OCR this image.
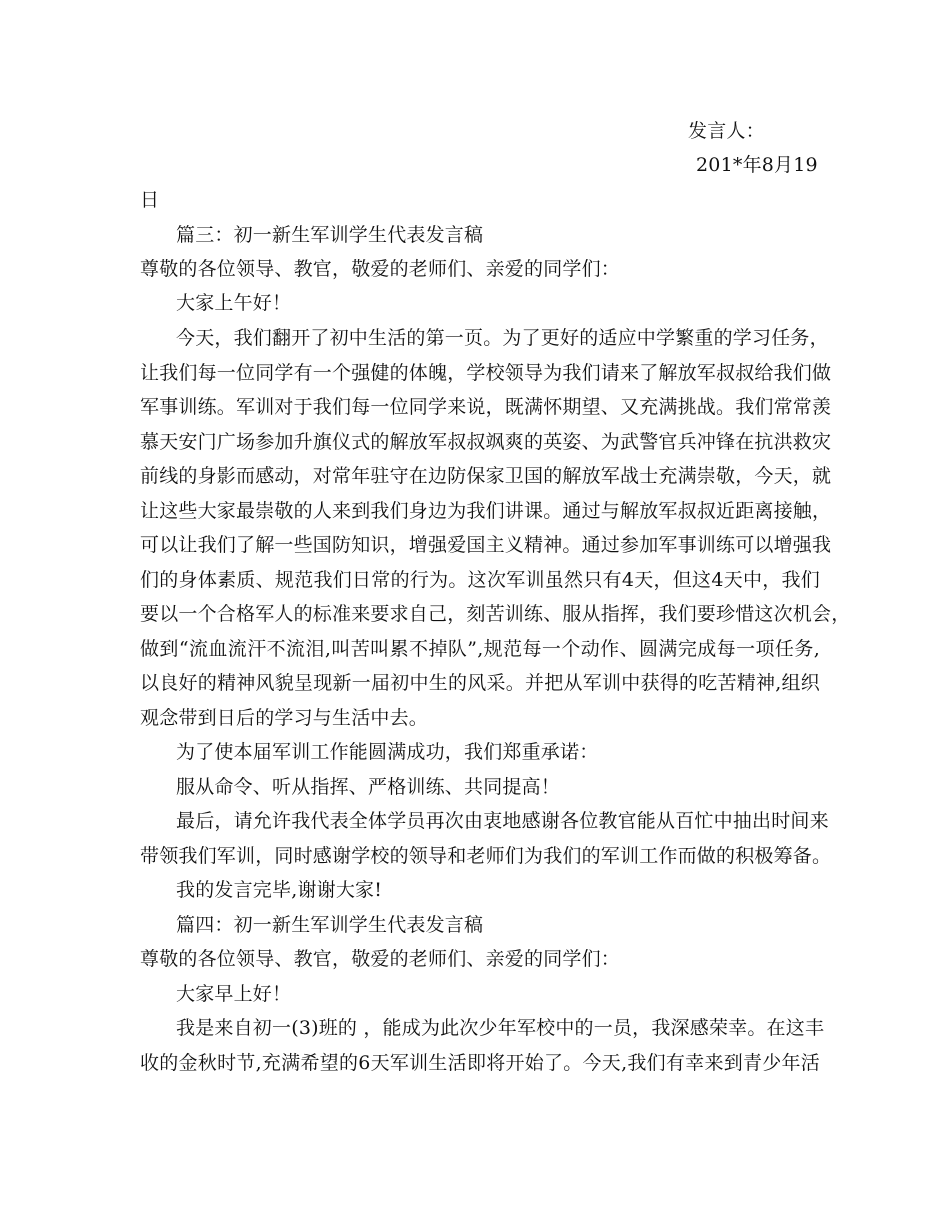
发言人：
201*年8月19
日
篇三：初一新生军训学生代表发言稿
尊敬的各位领导、教官，敬爱的老师们、亲爱的同学们：
大家上午好！
今天，我们翻开了初中生活的第一页。为了更好的适应中学繁重的学习任务，
让我们每一位同学有一个强健的体魄，学校领导为我们请来了解放军叔叔给我们做
军事训练。军训对于我们每一位同学来说，既满怀期望、又充满挑战。我们常常羡
慕天安门广场参加升旗仪式的解放军叔叔飒爽的英姿、为武警官兵冲锋在抗洪救灾
前线的身影而感动，对常年驻守在边防保家卫国的解放军战士充满崇敬，今天，就
让这些大家最崇敬的人来到我们身边为我们讲课。通过与解放军叔叔近距离接触，
可以让我们了解一些国防知识，增强爱国主义精神。通过参加军事训练可以增强我
们的身体素质、规范我们日常的行为。这次军训虽然只有4天，但这4天中，我们
要以一个合格军人的标准来要求自己，刻苦训练、服从指挥，我们要珍惜这次机会，
做到“流血流汗不流泪,叫苦叫累不掉队”,规范每一个动作、圆满完成每一项任务,
以良好的精神风貌呈现新一届初中生的风采。并把从军训中获得的吃苦精神,组织
观念带到日后的学习与生活中去。
为了使本届军训工作能圆满成功，我们郑重承诺：
服从命令、听从指挥、严格训练、共同提高！
最后，请允许我代表全体学员再次由衷地感谢各位教官能从百忙中抽出时间来
带领我们军训，同时感谢学校的领导和老师们为我们的军训工作而做的积极筹备。
我的发言完毕,谢谢大家!
篇四：初一新生军训学生代表发言稿
尊敬的各位领导、教官，敬爱的老师们、亲爱的同学们：
大家早上好！
我是来自初一(3)班的 ，能成为此次少年军校中的一员，我深感荣幸。在这丰
收的金秋时节,充满希望的6天军训生活即将开始了。今天,我们有幸来到青少年活
